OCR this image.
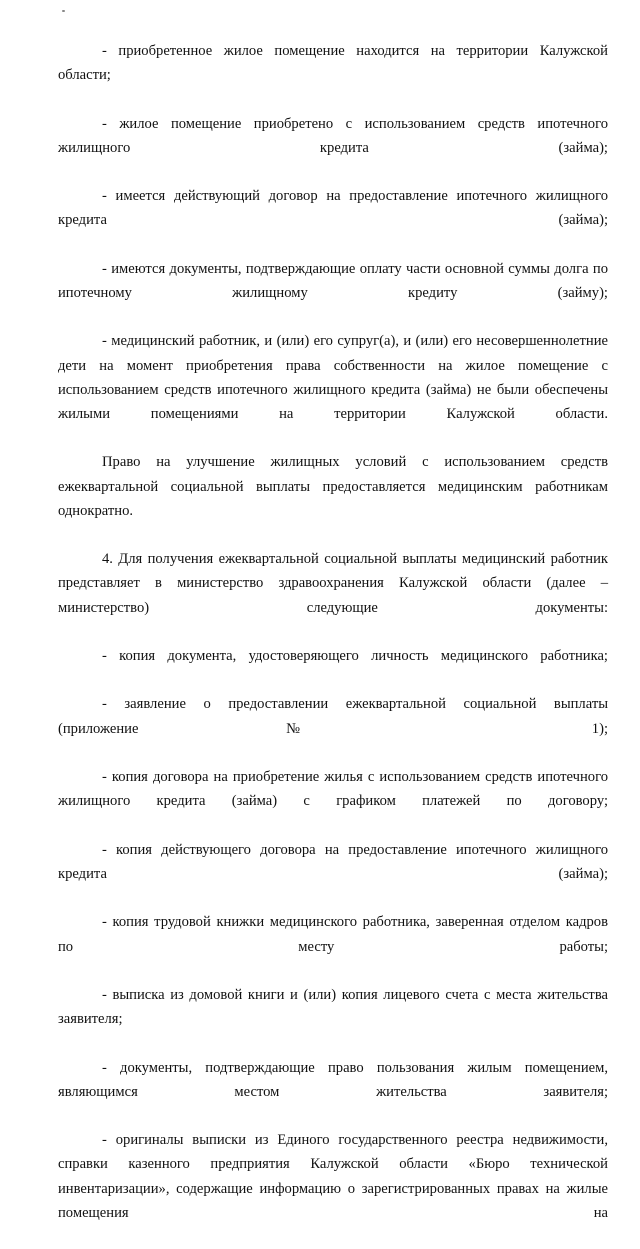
- приобретенное жилое помещение находится на территории Калужской области;

- жилое помещение приобретено с использованием средств ипотечного жилищного кредита (займа);

- имеется действующий договор на предоставление ипотечного жилищного кредита (займа);

- имеются документы, подтверждающие оплату части основной суммы долга по ипотечному жилищному кредиту (займу);

- медицинский работник, и (или) его супруг(а), и (или) его несовершеннолетние дети на момент приобретения права собственности на жилое помещение с использованием средств ипотечного жилищного кредита (займа) не были обеспечены жилыми помещениями на территории Калужской области.

Право на улучшение жилищных условий с использованием средств ежеквартальной социальной выплаты предоставляется медицинским работникам однократно.

4. Для получения ежеквартальной социальной выплаты медицинский работник представляет в министерство здравоохранения Калужской области (далее – министерство) следующие документы:

- копия документа, удостоверяющего личность медицинского работника;

- заявление о предоставлении ежеквартальной социальной выплаты (приложение № 1);

- копия договора на приобретение жилья с использованием средств ипотечного жилищного кредита (займа) с графиком платежей по договору;

- копия действующего договора на предоставление ипотечного жилищного кредита (займа);

- копия трудовой книжки медицинского работника, заверенная отделом кадров по месту работы;

- выписка из домовой книги и (или) копия лицевого счета с места жительства заявителя;

- документы, подтверждающие право пользования жилым помещением, являющимся местом жительства заявителя;

- оригиналы выписки из Единого государственного реестра недвижимости, справки казенного предприятия Калужской области «Бюро технической инвентаризации», содержащие информацию о зарегистрированных правах на жилые помещения на
